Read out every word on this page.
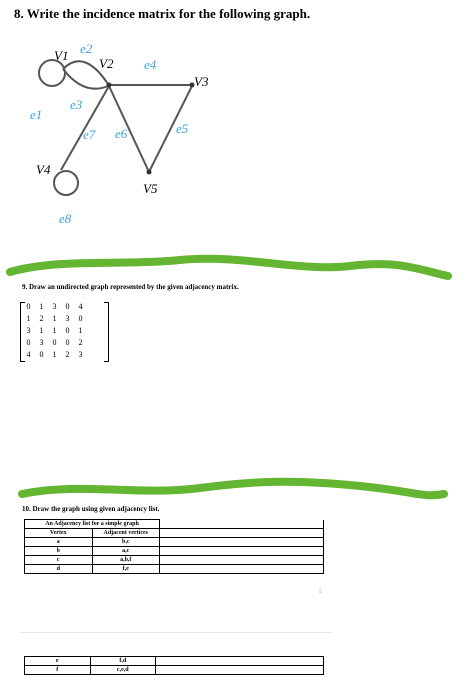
8. Write the incidence matrix for the following graph.
V1
V2
V3
V4
V5
e1
e2
e3
e4
e5
e6
e7
e8
9. Draw an undirected graph represented by the given adjacency matrix.
0	1	3	0	4
1	2	1	3	0
3	1	1	0	1
0	3	0	0	2
4	0	1	2	3
10. Draw the graph using given adjacency list.
An Adjacency list for a simple graph	

Vertex	Adjacent vertices

a	b,c

b	a,c

c	a,b,f

d	f,e

5
e	f,d

f	c,e,d
